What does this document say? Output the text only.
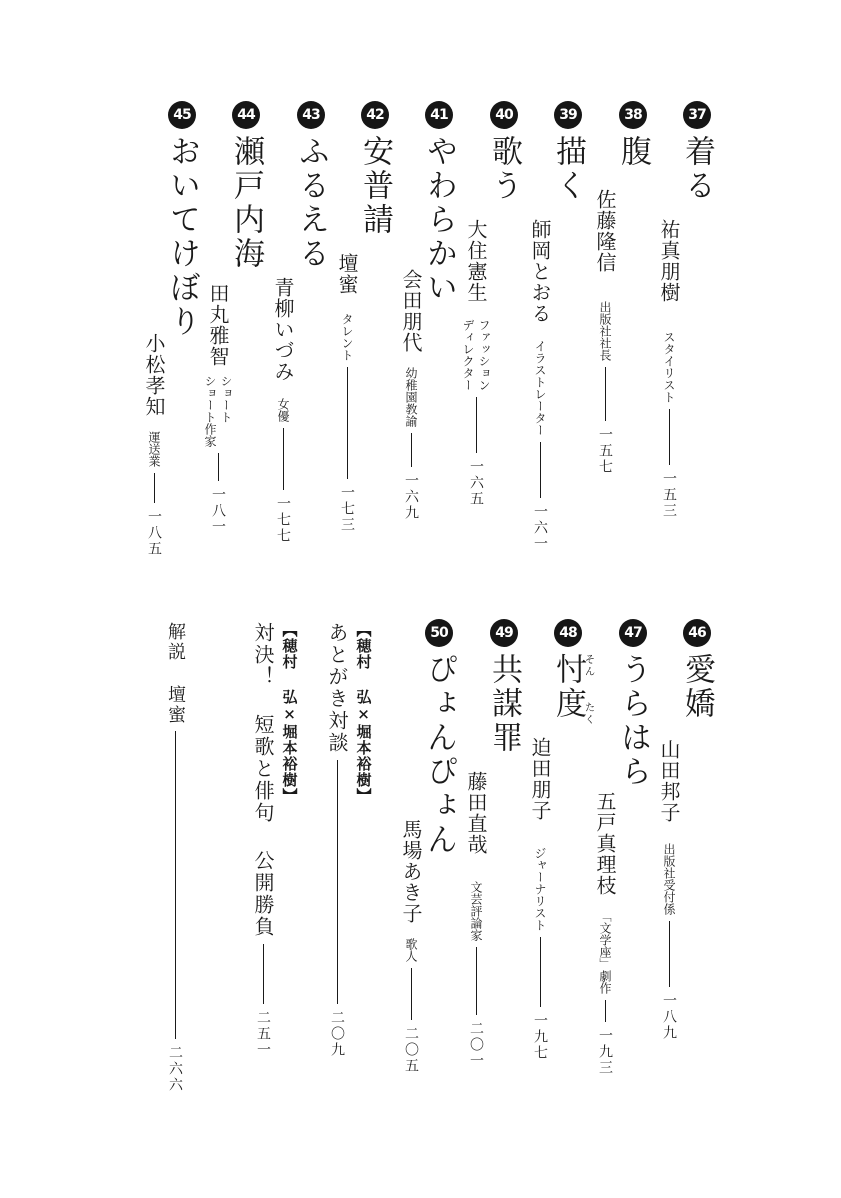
37
着る
祐真朋樹
スタイリスト
一五三
38
腹
佐藤隆信
出版社社長
一五七
39
描く
師岡とおる
イラストレーター
一六一
40
歌う
大住憲生
ファッション
ディレクター
一六五
41
やわらかい
会田朋代
幼稚園教諭
一六九
42
安普請
壇蜜
タレント
一七三
43
ふるえる
青柳いづみ
女優
一七七
44
瀬戸内海
田丸雅智
ショート
ショート作家
一八一
45
おいてけぼり
小松孝知
運送業
一八五
46
愛嬌
山田邦子
出版社受付係
一八九
47
うらはら
五戸真理枝
「文学座」劇作
一九三
48
忖度 そん
たく
迫田朋子
ジャーナリスト
一九七
49
共謀罪
藤田直哉
文芸評論家
二〇一
50
ぴょんぴょん
馬場あき子
歌人
二〇五
【穂村 弘×堀本裕樹】
あとがき対談
二〇九
【穂村 弘×堀本裕樹】
対決！ 短歌と俳句 公開勝負
二五一
解説 壇蜜
二六六
